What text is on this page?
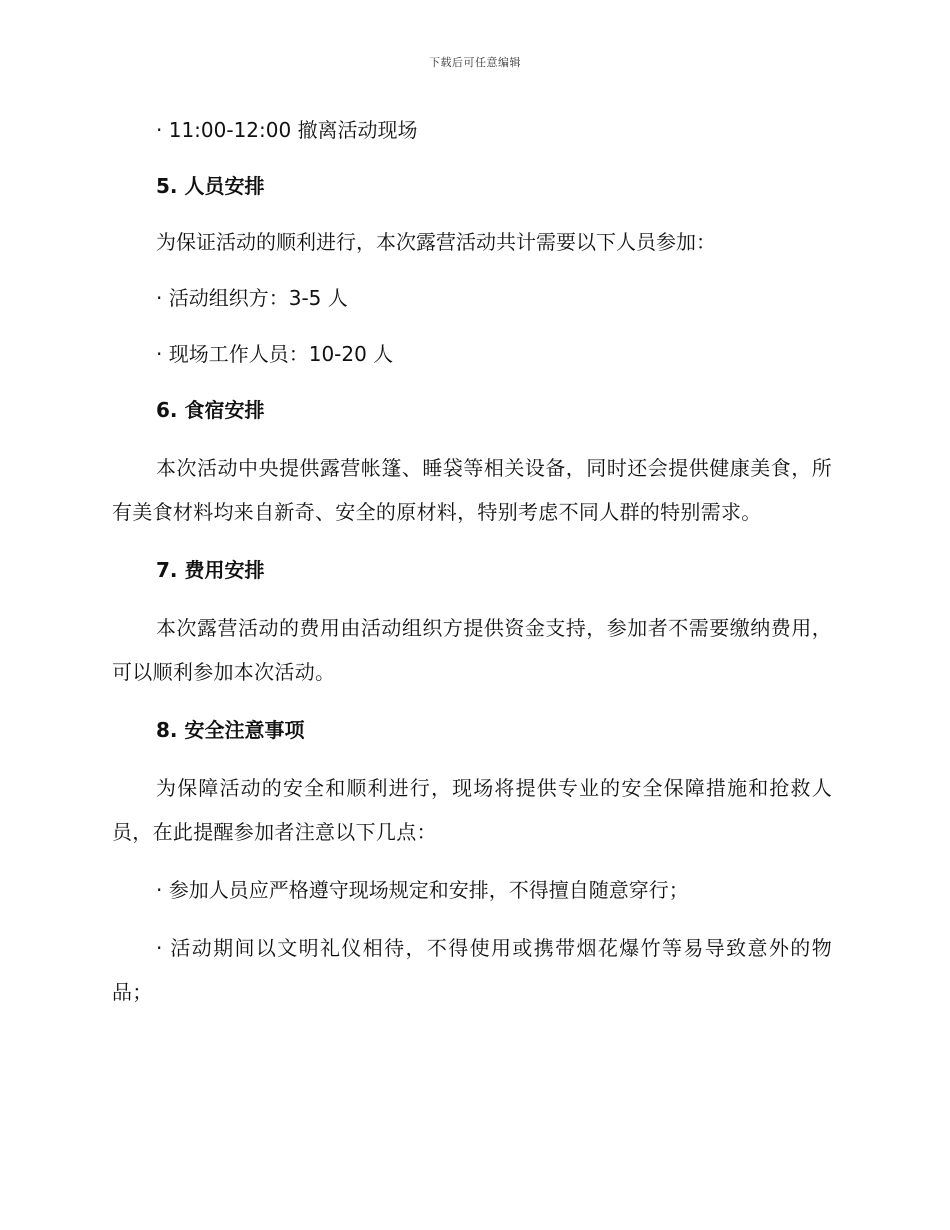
下载后可任意编辑

· 11:00-12:00 撤离活动现场

5. 人员安排

为保证活动的顺利进行，本次露营活动共计需要以下人员参加：

· 活动组织方：3-5 人

· 现场工作人员：10-20 人

6. 食宿安排

本次活动中央提供露营帐篷、睡袋等相关设备，同时还会提供健康美食，所有美食材料均来自新奇、安全的原材料，特别考虑不同人群的特别需求。

7. 费用安排

本次露营活动的费用由活动组织方提供资金支持，参加者不需要缴纳费用，可以顺利参加本次活动。

8. 安全注意事项

为保障活动的安全和顺利进行，现场将提供专业的安全保障措施和抢救人员，在此提醒参加者注意以下几点：

· 参加人员应严格遵守现场规定和安排，不得擅自随意穿行；

· 活动期间以文明礼仪相待，不得使用或携带烟花爆竹等易导致意外的物品；
